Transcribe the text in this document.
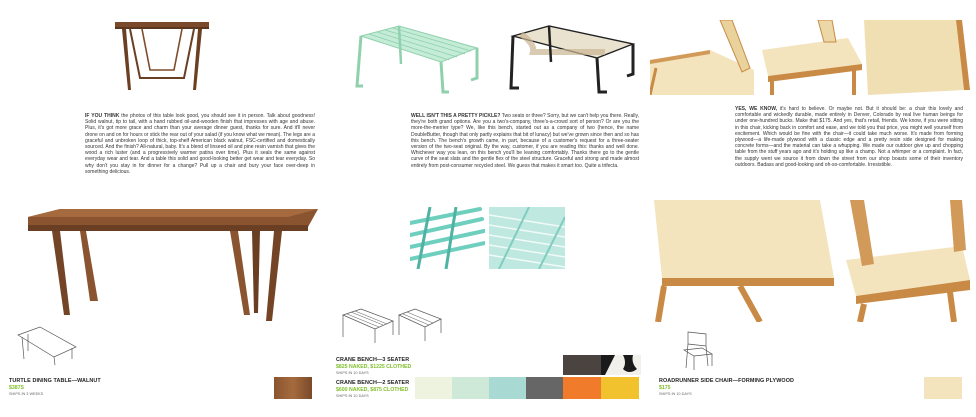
IF YOU THINK the photos of this table look good, you should see it in person. Talk about goodness! Solid walnut, tip to tail, with a hand rubbed oil-and-wooden finish that impresses with age and abuse. Plus, it's got more grace and charm than your average dinner guest, thanks for sure. And it'll never drone on and on for hours or stick the rear out of your salad (if you know what we mean). The legs are a graceful and unbroken loop of thick, top-shelf American black walnut, FSC-certified and domestically sourced. And the finish? All-natural, baby. It's a blend of linseed oil and pine resin varnish that gives the wood a rich luster (and a progressively warmer patina over time). Plus it seals the same against everyday wear and tear. And a table this solid and good-looking better get wear and tear everyday. So why don't you stay in for dinner for a change? Pull up a chair and bury your face over-deep in something delicious.
TURTLE DINING TABLE—WALNUT
$387S
SHIPS IN 3 WEEKS
WELL ISN'T THIS A PRETTY PICKLE? Two seats or three? Sorry, but we can't help you there. Really, they're both grand options. Are you a two's-company, three's-a-crowd sort of person? Or are you the more-the-merrier type? We, like this bench, started out as a company of two (hence, the name DoubleButter, though that only partly explains that bit of lunacy) but we've grown since then and so has this bench. The bench's growth came, in part, because of a customer's request for a three-seater version of the two-seat original. By the way, customer, if you are reading this: thanks and well done. Whichever way you lean, on this bench you'll be leaning comfortably. Thanks there go to the gentle curve of the seat slats and the gentle flex of the steel structure. Graceful and strong and made almost entirely from post-consumer recycled steel. We guess that makes it smart too. Quite a trifecta.
CRANE BENCH—3 SEATER
$825 NAKED, $1225 CLOTHED
SHIPS IN 10 DAYS
CRANE BENCH—2 SEATER
$600 NAKED, $875 CLOTHED
SHIPS IN 10 DAYS
YES, WE KNOW, it's hard to believe. Or maybe not. But it should be: a chair this lovely and comfortable and wickedly durable, made entirely in Denver, Colorado by real live human beings for under one-hundred bucks. Make that $175. And yes, that's retail, friends. We know, if you were sitting in this chair, kicking back in comfort and ease, and we told you that price, you might well yourself from excitement. Which would be fine with the chair—it could take much worse. It's made from forming plywood—a life-made plywood with a classic edge and a pretty resin side designed for making concrete forms—and the material can take a whupping. We made our outdoor give up and chopping table from the stuff years ago and it's holding up like a champ. Not a whimper or a complaint. In fact, the supply went we source it from down the street from our shop boasts some of their inventory outdoors. Badass and good-looking and oh-so-comfortable. Irresistible.
ROADRUNNER SIDE CHAIR—FORMING PLYWOOD
$175
SHIPS IN 10 DAYS
